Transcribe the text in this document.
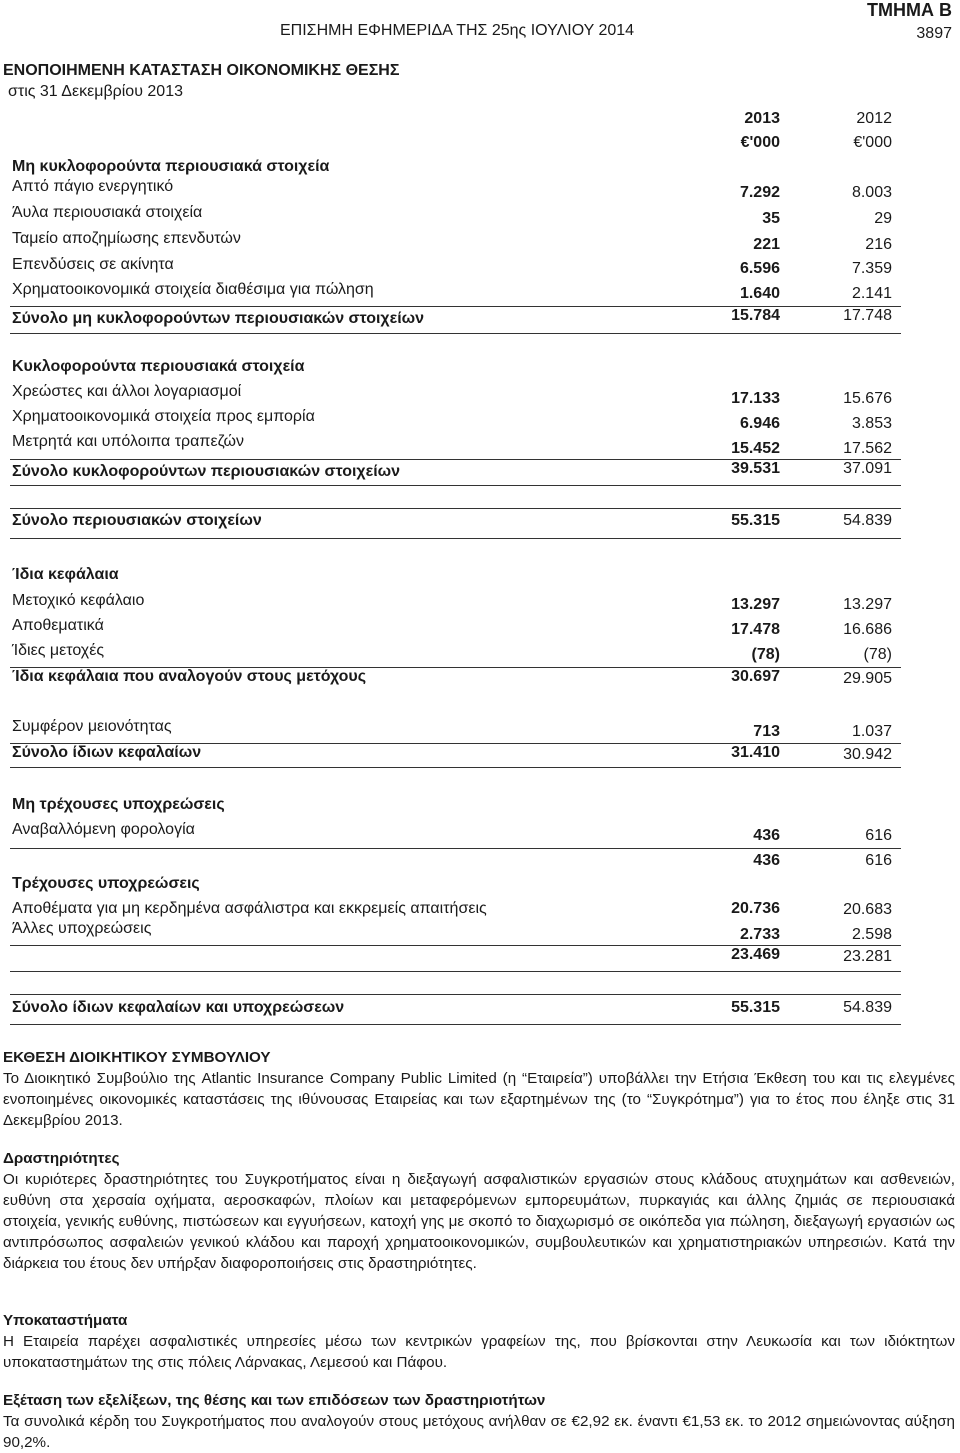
ΕΠΙΣΗΜΗ ΕΦΗΜΕΡΙΔΑ ΤΗΣ 25ης ΙΟΥΛΙΟΥ 2014
ΤΜΗΜΑ Β
3897
ΕΝΟΠΟΙΗΜΕΝΗ ΚΑΤΑΣΤΑΣΗ ΟΙΚΟΝΟΜΙΚΗΣ ΘΕΣΗΣ
στις 31 Δεκεμβρίου 2013
2013	2012
€'000	€'000
Μη κυκλοφορούντα περιουσιακά στοιχεία
Απτό πάγιο ενεργητικό	7.292	8.003
Άυλα περιουσιακά στοιχεία	35	29
Ταμείο αποζημίωσης επενδυτών	221	216
Επενδύσεις σε ακίνητα	6.596	7.359
Χρηματοοικονομικά στοιχεία διαθέσιμα για πώληση	1.640	2.141
Σύνολο μη κυκλοφορούντων περιουσιακών στοιχείων	15.784	17.748
Κυκλοφορούντα περιουσιακά στοιχεία
Χρεώστες και άλλοι λογαριασμοί	17.133	15.676
Χρηματοοικονομικά στοιχεία προς εμπορία	6.946	3.853
Μετρητά και υπόλοιπα τραπεζών	15.452	17.562
Σύνολο κυκλοφορούντων περιουσιακών στοιχείων	39.531	37.091
Σύνολο περιουσιακών στοιχείων	55.315	54.839
Ίδια κεφάλαια
Μετοχικό κεφάλαιο	13.297	13.297
Αποθεματικά	17.478	16.686
Ίδιες μετοχές	(78)	(78)
Ίδια κεφάλαια που αναλογούν στους μετόχους	30.697	29.905
Συμφέρον μειονότητας	713	1.037
Σύνολο ίδιων κεφαλαίων	31.410	30.942
Μη τρέχουσες υποχρεώσεις
Αναβαλλόμενη φορολογία	436	616
436	616
Τρέχουσες υποχρεώσεις
Αποθέματα για μη κερδημένα ασφάλιστρα και εκκρεμείς απαιτήσεις	20.736	20.683
Άλλες υποχρεώσεις	2.733	2.598
23.469	23.281
Σύνολο ίδιων κεφαλαίων και υποχρεώσεων	55.315	54.839
ΕΚΘΕΣΗ ΔΙΟΙΚΗΤΙΚΟΥ ΣΥΜΒΟΥΛΙΟΥ

Το Διοικητικό Συμβούλιο της Atlantic Insurance Company Public Limited (η “Εταιρεία”) υποβάλλει την Ετήσια Έκθεση του και τις ελεγμένες ενοποιημένες οικονομικές καταστάσεις της ιθύνουσας Εταιρείας και των εξαρτημένων της (το “Συγκρότημα”) για το έτος που έληξε στις 31 Δεκεμβρίου 2013.

Δραστηριότητες

Οι κυριότερες δραστηριότητες του Συγκροτήματος είναι η διεξαγωγή ασφαλιστικών εργασιών στους κλάδους ατυχημάτων και ασθενειών, ευθύνη στα χερσαία οχήματα, αεροσκαφών, πλοίων και μεταφερόμενων εμπορευμάτων, πυρκαγιάς και άλλης ζημιάς σε περιουσιακά στοιχεία, γενικής ευθύνης, πιστώσεων και εγγυήσεων, κατοχή γης με σκοπό το διαχωρισμό σε οικόπεδα για πώληση, διεξαγωγή εργασιών ως αντιπρόσωπος ασφαλειών γενικού κλάδου και παροχή χρηματοοικονομικών, συμβουλευτικών και χρηματιστηριακών υπηρεσιών. Κατά την διάρκεια του έτους δεν υπήρξαν διαφοροποιήσεις στις δραστηριότητες.

Υποκαταστήματα

Η Εταιρεία παρέχει ασφαλιστικές υπηρεσίες μέσω των κεντρικών γραφείων της, που βρίσκονται στην Λευκωσία και των ιδιόκτητων υποκαταστημάτων της στις πόλεις Λάρνακας, Λεμεσού και Πάφου.

Εξέταση των εξελίξεων, της θέσης και των επιδόσεων των δραστηριοτήτων

Τα συνολικά κέρδη του Συγκροτήματος που αναλογούν στους μετόχους ανήλθαν σε €2,92 εκ. έναντι €1,53 εκ. το 2012 σημειώνοντας αύξηση 90,2%.
